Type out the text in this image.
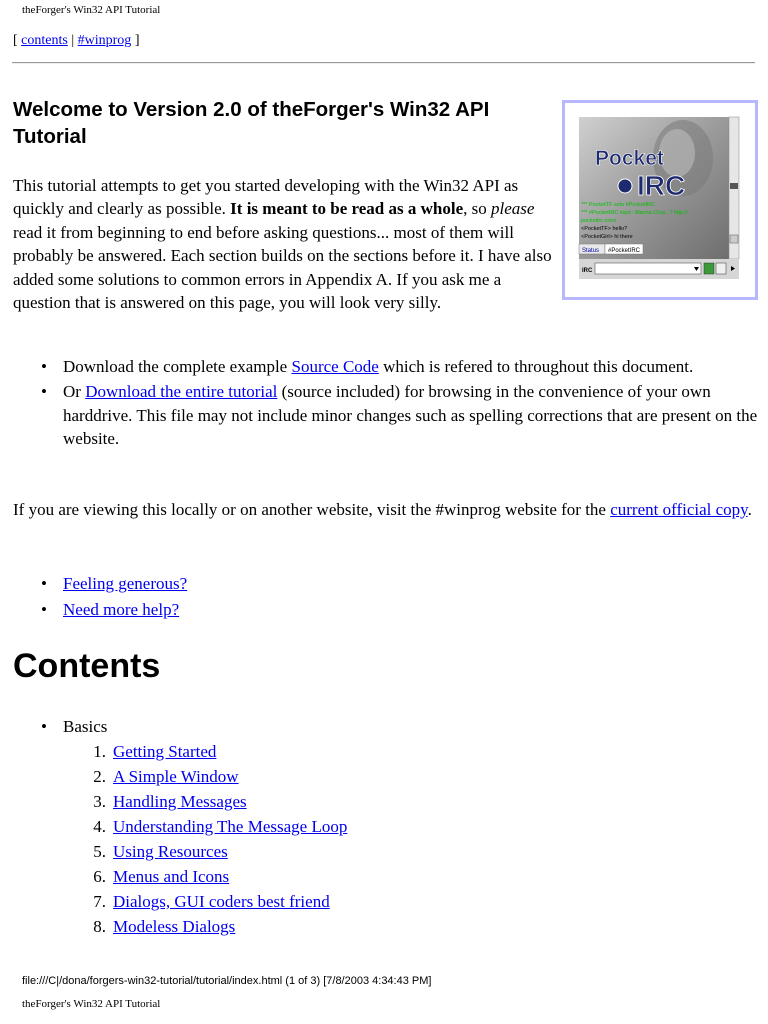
theForger's Win32 API Tutorial
[ contents | #winprog ]
Welcome to Version 2.0 of theForger's Win32 API Tutorial

This tutorial attempts to get you started developing with the Win32 API as quickly and clearly as possible. It is meant to be read as a whole, so please read it from beginning to end before asking questions... most of them will probably be answered. Each section builds on the sections before it. I have also added some solutions to common errors in Appendix A. If you ask me a question that is answered on this page, you will look very silly.

Pocket
IRC
*** PocketTF sets #PocketIRC
*** #PocketIRC topic: Wanna Chat...? http://
pocketirc.com/
<PocketTF> hello?
<PocketGirl> hi there
Status #PocketIRC
IRC
• Download the complete example Source Code which is refered to throughout this document.
• Or Download the entire tutorial (source included) for browsing in the convenience of your own harddrive. This file may not include minor changes such as spelling corrections that are present on the website.

If you are viewing this locally or on another website, visit the #winprog website for the current official copy.

• Feeling generous?
• Need more help?
Contents
• Basics
1. Getting Started
2. A Simple Window
3. Handling Messages
4. Understanding The Message Loop
5. Using Resources
6. Menus and Icons
7. Dialogs, GUI coders best friend
8. Modeless Dialogs
file:///C|/dona/forgers-win32-tutorial/tutorial/index.html (1 of 3) [7/8/2003 4:34:43 PM]
theForger's Win32 API Tutorial
